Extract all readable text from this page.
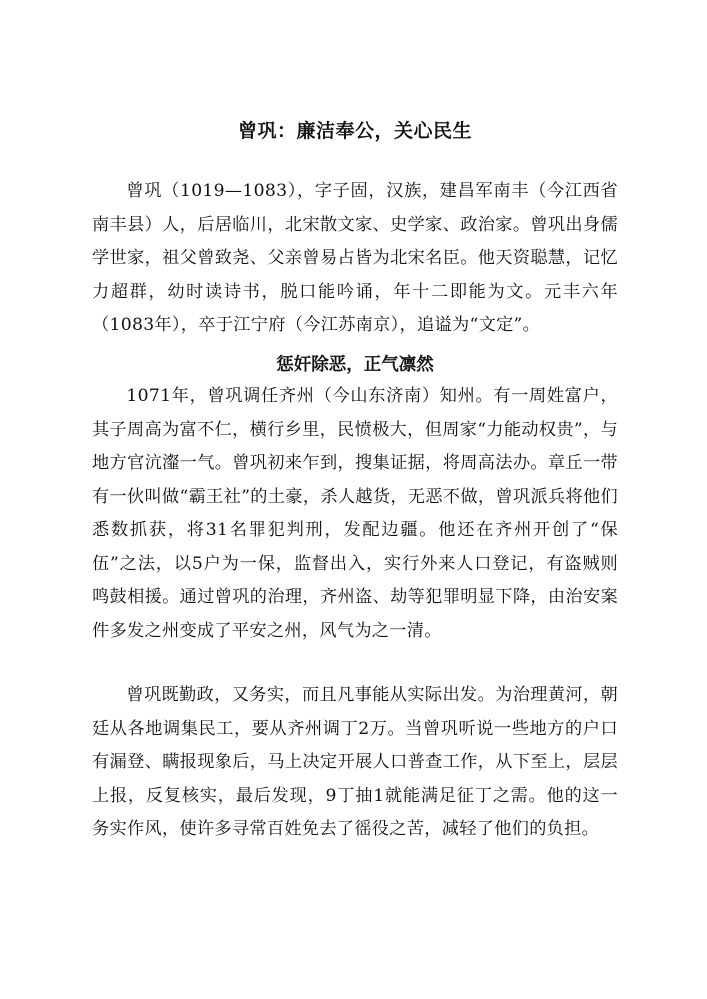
曾巩：廉洁奉公，关心民生

曾巩（1019—1083），字子固，汉族，建昌军南丰（今江西省南丰县）人，后居临川，北宋散文家、史学家、政治家。曾巩出身儒学世家，祖父曾致尧、父亲曾易占皆为北宋名臣。他天资聪慧，记忆力超群，幼时读诗书，脱口能吟诵，年十二即能为文。元丰六年（1083年），卒于江宁府（今江苏南京），追谥为“文定”。

惩奸除恶，正气凛然

1071年，曾巩调任齐州（今山东济南）知州。有一周姓富户，其子周高为富不仁，横行乡里，民愤极大，但周家“力能动权贵”，与地方官沆瀣一气。曾巩初来乍到，搜集证据，将周高法办。章丘一带有一伙叫做“霸王社”的土豪，杀人越货，无恶不做，曾巩派兵将他们悉数抓获，将31名罪犯判刑，发配边疆。他还在齐州开创了“保伍”之法，以5户为一保，监督出入，实行外来人口登记，有盗贼则鸣鼓相援。通过曾巩的治理，齐州盗、劫等犯罪明显下降，由治安案件多发之州变成了平安之州，风气为之一清。

曾巩既勤政，又务实，而且凡事能从实际出发。为治理黄河，朝廷从各地调集民工，要从齐州调丁2万。当曾巩听说一些地方的户口有漏登、瞒报现象后，马上决定开展人口普查工作，从下至上，层层上报，反复核实，最后发现，9丁抽1就能满足征丁之需。他的这一务实作风，使许多寻常百姓免去了徭役之苦，减轻了他们的负担。
